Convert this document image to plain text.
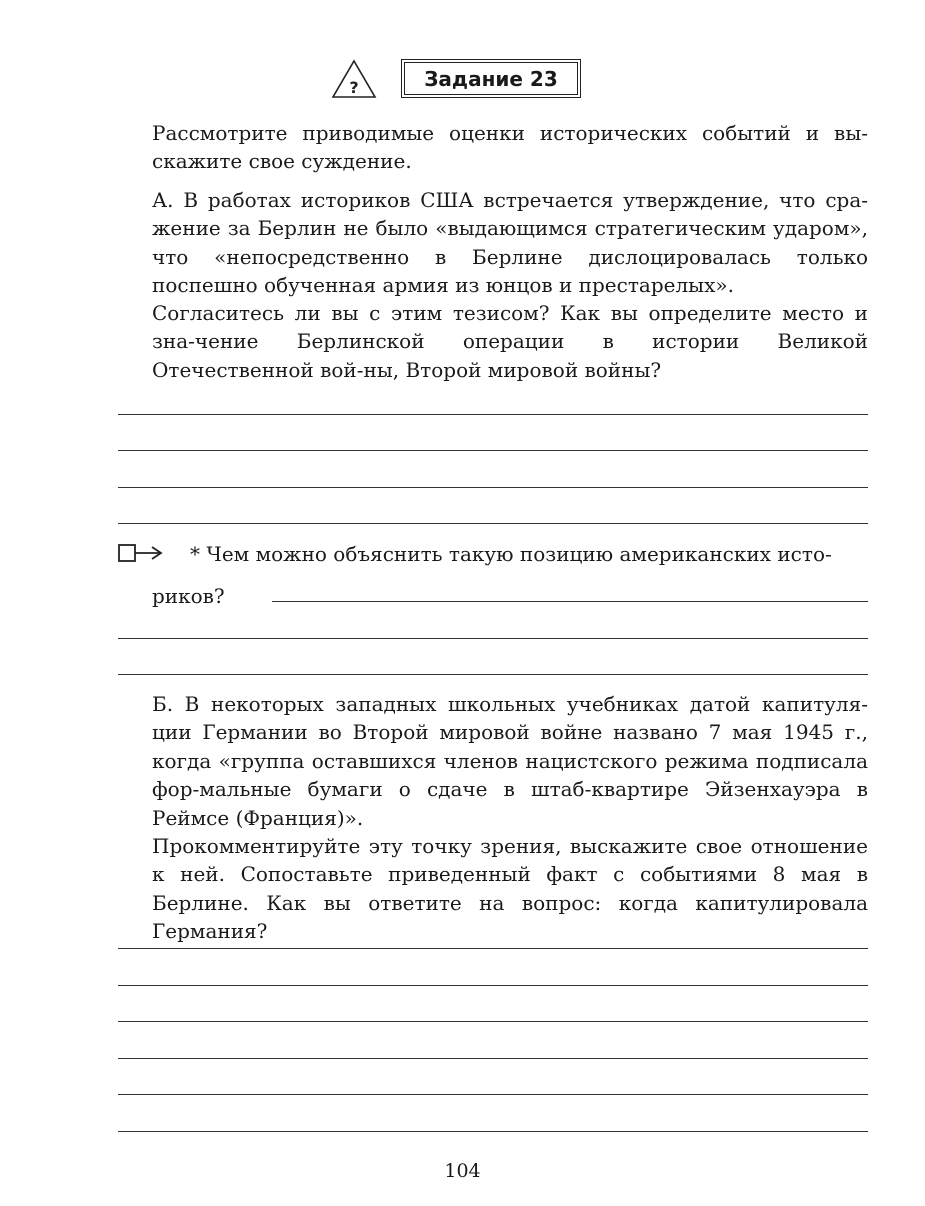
?	Задание 23

Рассмотрите приводимые оценки исторических событий и вы-скажите свое суждение.

А. В работах историков США встречается утверждение, что сра-жение за Берлин не было «выдающимся стратегическим ударом», что «непосредственно в Берлине дислоцировалась только поспешно обученная армия из юнцов и престарелых».

Согласитесь ли вы с этим тезисом? Как вы определите место и зна-чение Берлинской операции в истории Великой Отечественной вой-ны, Второй мировой войны?

* Чем можно объяснить такую позицию американских исто-
риков?

Б. В некоторых западных школьных учебниках датой капитуля-ции Германии во Второй мировой войне названо 7 мая 1945 г., когда «группа оставшихся членов нацистского режима подписала фор-мальные бумаги о сдаче в штаб-квартире Эйзенхауэра в Реймсе (Франция)».

Прокомментируйте эту точку зрения, выскажите свое отношение к ней. Сопоставьте приведенный факт с событиями 8 мая в Берлине. Как вы ответите на вопрос: когда капитулировала Германия?

104
